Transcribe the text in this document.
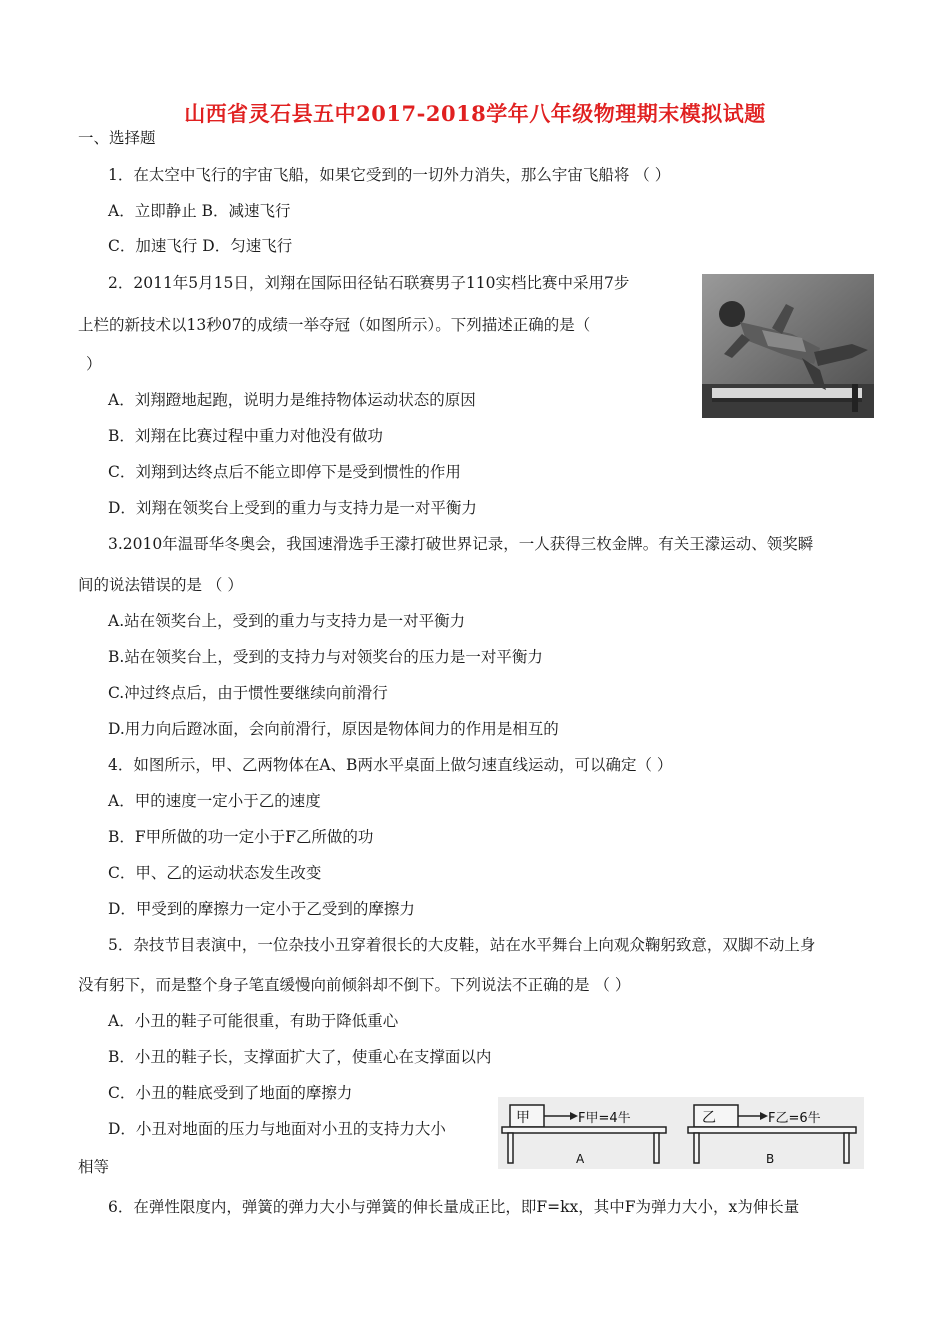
山西省灵石县五中2017-2018学年八年级物理期末模拟试题
一、选择题
1．在太空中飞行的宇宙飞船，如果它受到的一切外力消失，那么宇宙飞船将 （ ）
A．立即静止 B．减速飞行
C．加速飞行 D．匀速飞行
2．2011年5月15日，刘翔在国际田径钻石联赛男子110实档比赛中采用7步
上栏的新技术以13秒07的成绩一举夺冠（如图所示）。下列描述正确的是（
）
A．刘翔蹬地起跑，说明力是维持物体运动状态的原因
B．刘翔在比赛过程中重力对他没有做功
C．刘翔到达终点后不能立即停下是受到惯性的作用
D．刘翔在领奖台上受到的重力与支持力是一对平衡力
3.2010年温哥华冬奥会，我国速滑选手王濛打破世界记录，一人获得三枚金牌。有关王濛运动、领奖瞬
间的说法错误的是 （ ）
A.站在领奖台上，受到的重力与支持力是一对平衡力
B.站在领奖台上，受到的支持力与对领奖台的压力是一对平衡力
C.冲过终点后，由于惯性要继续向前滑行
D.用力向后蹬冰面，会向前滑行，原因是物体间力的作用是相互的
4．如图所示，甲、乙两物体在A、B两水平桌面上做匀速直线运动，可以确定（ ）
A．甲的速度一定小于乙的速度
B．F甲所做的功一定小于F乙所做的功
C．甲、乙的运动状态发生改变
D．甲受到的摩擦力一定小于乙受到的摩擦力
5．杂技节目表演中，一位杂技小丑穿着很长的大皮鞋，站在水平舞台上向观众鞠躬致意，双脚不动上身
没有躬下，而是整个身子笔直缓慢向前倾斜却不倒下。下列说法不正确的是 （ ）
A．小丑的鞋子可能很重，有助于降低重心
B．小丑的鞋子长，支撑面扩大了，使重心在支撑面以内
C．小丑的鞋底受到了地面的摩擦力
D．小丑对地面的压力与地面对小丑的支持力大小
相等
甲	F甲=4牛
A
乙	F乙=6牛
B
6．在弹性限度内，弹簧的弹力大小与弹簧的伸长量成正比，即F=kx，其中F为弹力大小，x为伸长量
